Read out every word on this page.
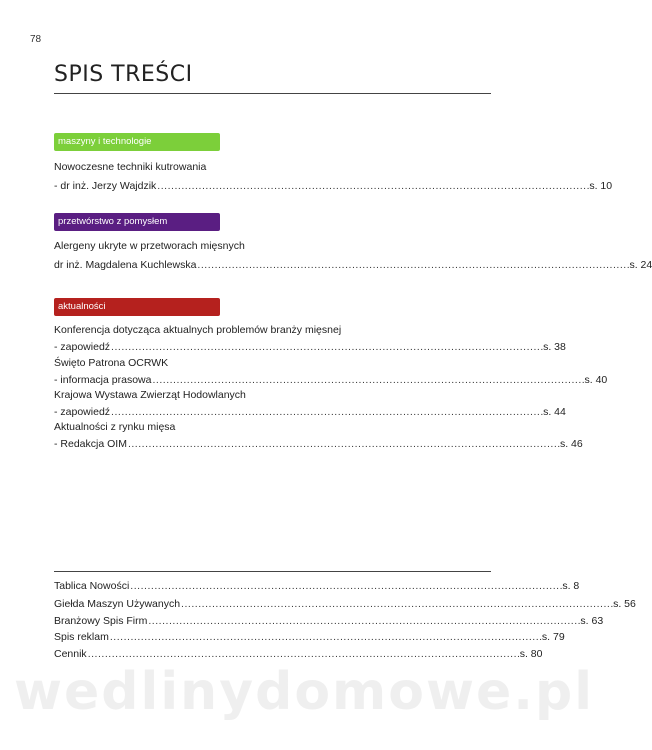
78
SPIS TREŚCI
maszyny i technologie
Nowoczesne techniki kutrowania
- dr inż. Jerzy Wajdzik . . .	s. 10
przetwórstwo z pomysłem
Alergeny ukryte w przetworach mięsnych
dr inż. Magdalena Kuchlewska . . .	s. 24
aktualności
Konferencja dotycząca aktualnych problemów branży mięsnej
- zapowiedź . . .	s. 38
Święto Patrona OCRWK
- informacja prasowa . . .	s. 40
Krajowa Wystawa Zwierząt Hodowlanych
- zapowiedź . . .	s. 44
Aktualności z rynku mięsa
- Redakcja OIM . . .	s. 46
Tablica Nowości . . .	s. 8
Giełda Maszyn Używanych . . .	s. 56
Branżowy Spis Firm . . .	s. 63
Spis reklam . . .	s. 79
Cennik . . .	s. 80
wedlinydomowe.pl
